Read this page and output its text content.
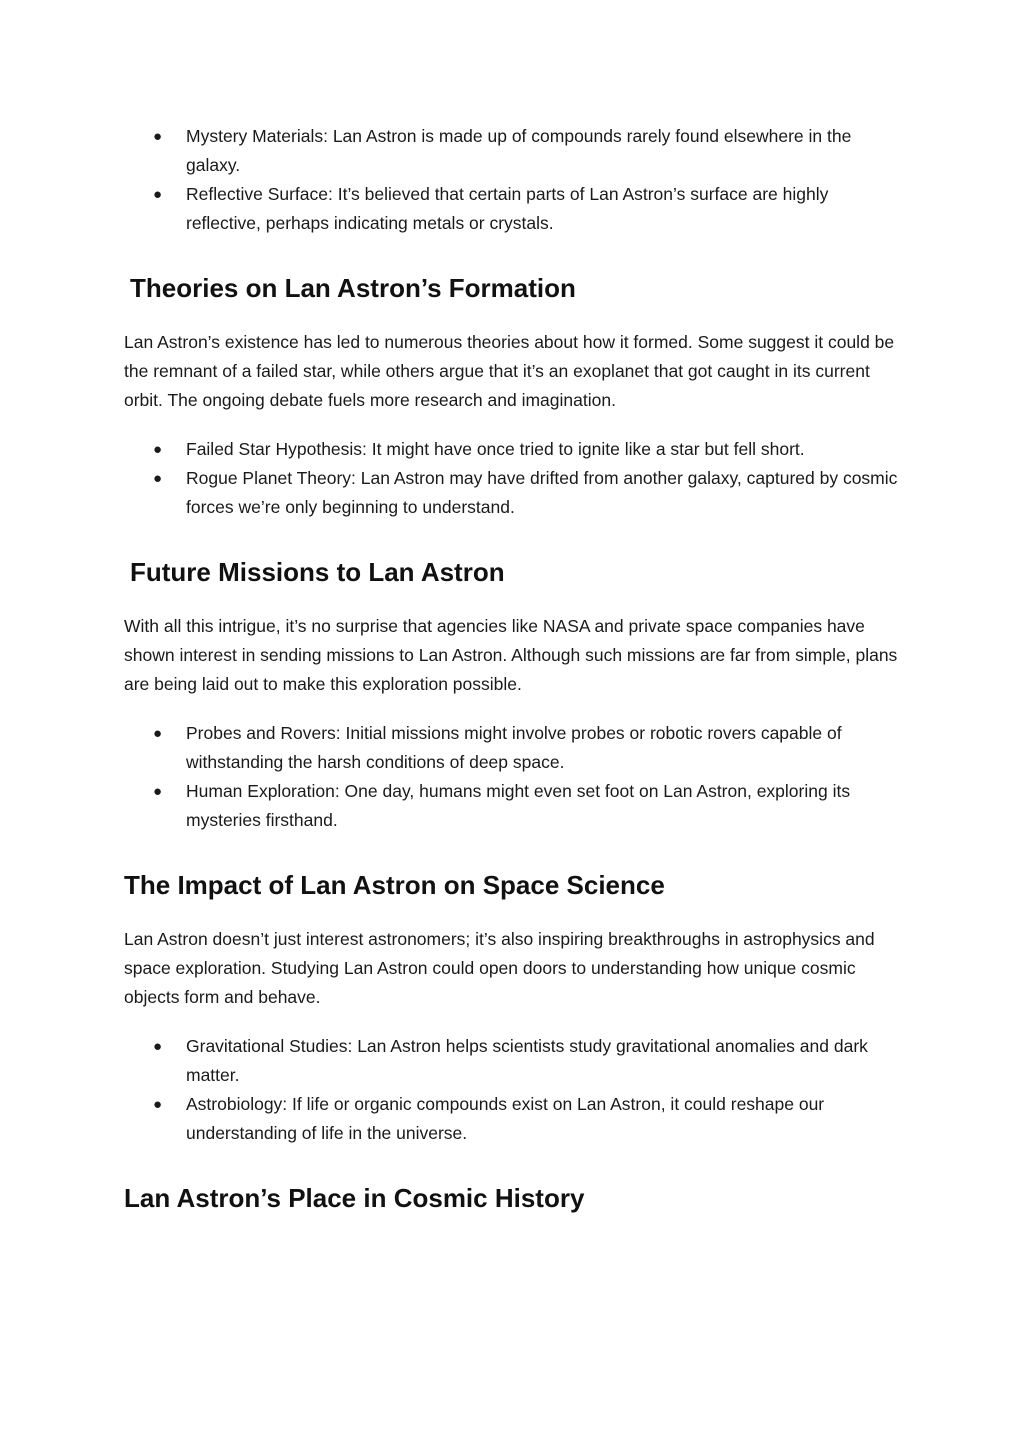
● Mystery Materials: Lan Astron is made up of compounds rarely found elsewhere in the galaxy.
● Reflective Surface: It’s believed that certain parts of Lan Astron’s surface are highly reflective, perhaps indicating metals or crystals.
Theories on Lan Astron’s Formation

Lan Astron’s existence has led to numerous theories about how it formed. Some suggest it could be the remnant of a failed star, while others argue that it’s an exoplanet that got caught in its current orbit. The ongoing debate fuels more research and imagination.

● Failed Star Hypothesis: It might have once tried to ignite like a star but fell short.
● Rogue Planet Theory: Lan Astron may have drifted from another galaxy, captured by cosmic forces we’re only beginning to understand.
Future Missions to Lan Astron

With all this intrigue, it’s no surprise that agencies like NASA and private space companies have shown interest in sending missions to Lan Astron. Although such missions are far from simple, plans are being laid out to make this exploration possible.

● Probes and Rovers: Initial missions might involve probes or robotic rovers capable of withstanding the harsh conditions of deep space.
● Human Exploration: One day, humans might even set foot on Lan Astron, exploring its mysteries firsthand.
The Impact of Lan Astron on Space Science

Lan Astron doesn’t just interest astronomers; it’s also inspiring breakthroughs in astrophysics and space exploration. Studying Lan Astron could open doors to understanding how unique cosmic objects form and behave.

● Gravitational Studies: Lan Astron helps scientists study gravitational anomalies and dark matter.
● Astrobiology: If life or organic compounds exist on Lan Astron, it could reshape our understanding of life in the universe.
Lan Astron’s Place in Cosmic History
